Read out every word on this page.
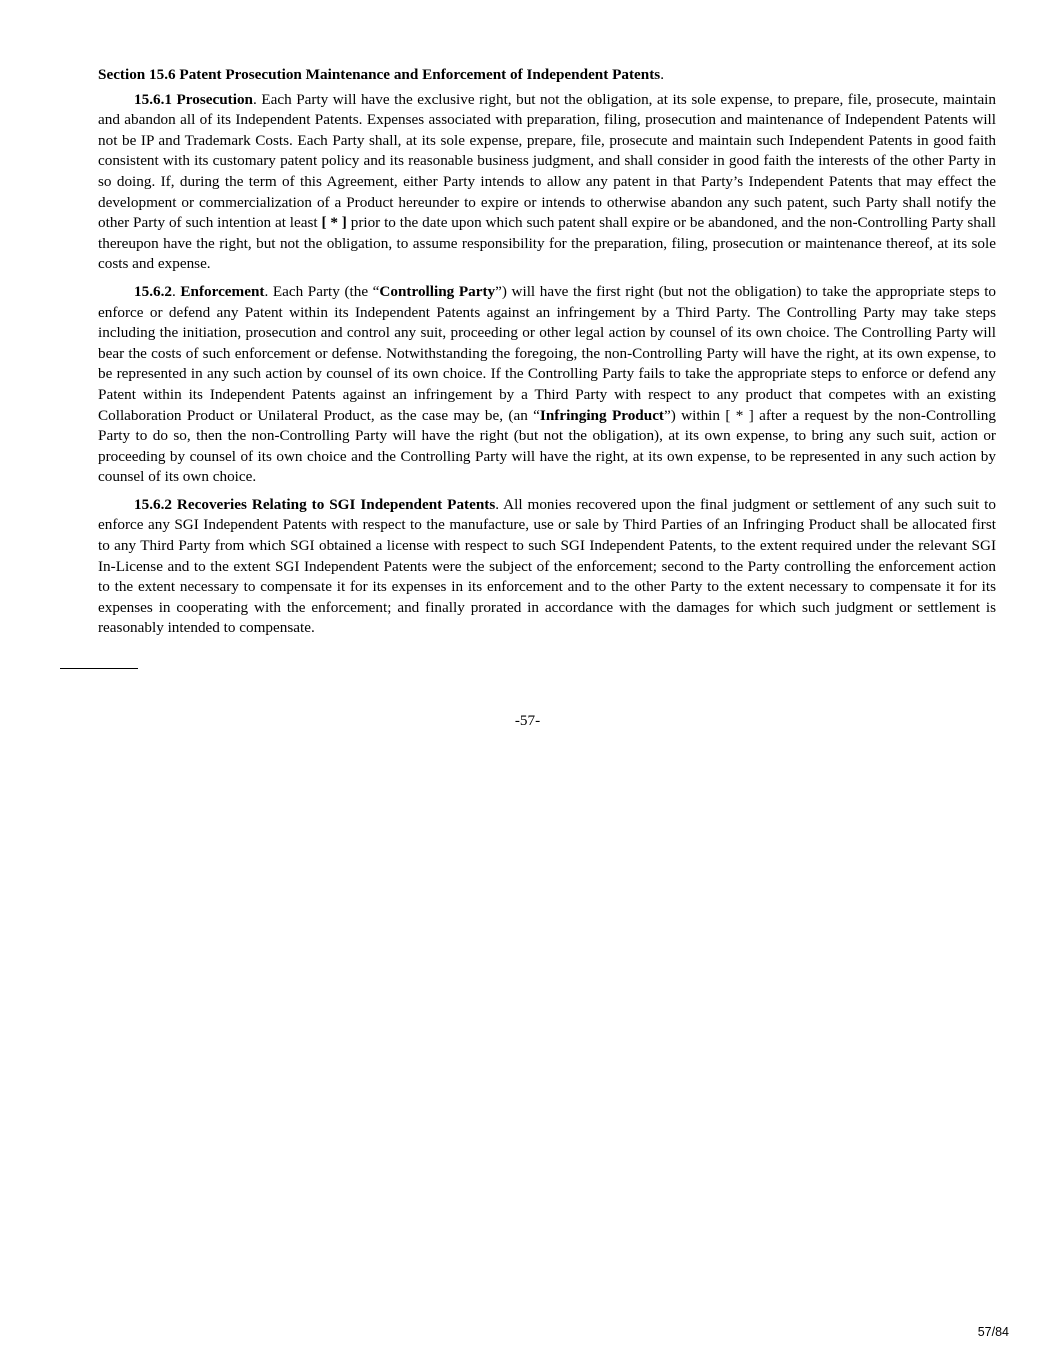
Section 15.6 Patent Prosecution Maintenance and Enforcement of Independent Patents.

15.6.1 Prosecution. Each Party will have the exclusive right, but not the obligation, at its sole expense, to prepare, file, prosecute, maintain and abandon all of its Independent Patents. Expenses associated with preparation, filing, prosecution and maintenance of Independent Patents will not be IP and Trademark Costs. Each Party shall, at its sole expense, prepare, file, prosecute and maintain such Independent Patents in good faith consistent with its customary patent policy and its reasonable business judgment, and shall consider in good faith the interests of the other Party in so doing. If, during the term of this Agreement, either Party intends to allow any patent in that Party’s Independent Patents that may effect the development or commercialization of a Product hereunder to expire or intends to otherwise abandon any such patent, such Party shall notify the other Party of such intention at least [ * ] prior to the date upon which such patent shall expire or be abandoned, and the non-Controlling Party shall thereupon have the right, but not the obligation, to assume responsibility for the preparation, filing, prosecution or maintenance thereof, at its sole costs and expense.

15.6.2. Enforcement. Each Party (the “Controlling Party”) will have the first right (but not the obligation) to take the appropriate steps to enforce or defend any Patent within its Independent Patents against an infringement by a Third Party. The Controlling Party may take steps including the initiation, prosecution and control any suit, proceeding or other legal action by counsel of its own choice. The Controlling Party will bear the costs of such enforcement or defense. Notwithstanding the foregoing, the non-Controlling Party will have the right, at its own expense, to be represented in any such action by counsel of its own choice. If the Controlling Party fails to take the appropriate steps to enforce or defend any Patent within its Independent Patents against an infringement by a Third Party with respect to any product that competes with an existing Collaboration Product or Unilateral Product, as the case may be, (an “Infringing Product”) within [ * ] after a request by the non-Controlling Party to do so, then the non-Controlling Party will have the right (but not the obligation), at its own expense, to bring any such suit, action or proceeding by counsel of its own choice and the Controlling Party will have the right, at its own expense, to be represented in any such action by counsel of its own choice.

15.6.2 Recoveries Relating to SGI Independent Patents. All monies recovered upon the final judgment or settlement of any such suit to enforce any SGI Independent Patents with respect to the manufacture, use or sale by Third Parties of an Infringing Product shall be allocated first to any Third Party from which SGI obtained a license with respect to such SGI Independent Patents, to the extent required under the relevant SGI In-License and to the extent SGI Independent Patents were the subject of the enforcement; second to the Party controlling the enforcement action to the extent necessary to compensate it for its expenses in its enforcement and to the other Party to the extent necessary to compensate it for its expenses in cooperating with the enforcement; and finally prorated in accordance with the damages for which such judgment or settlement is reasonably intended to compensate.

-57-
57/84
